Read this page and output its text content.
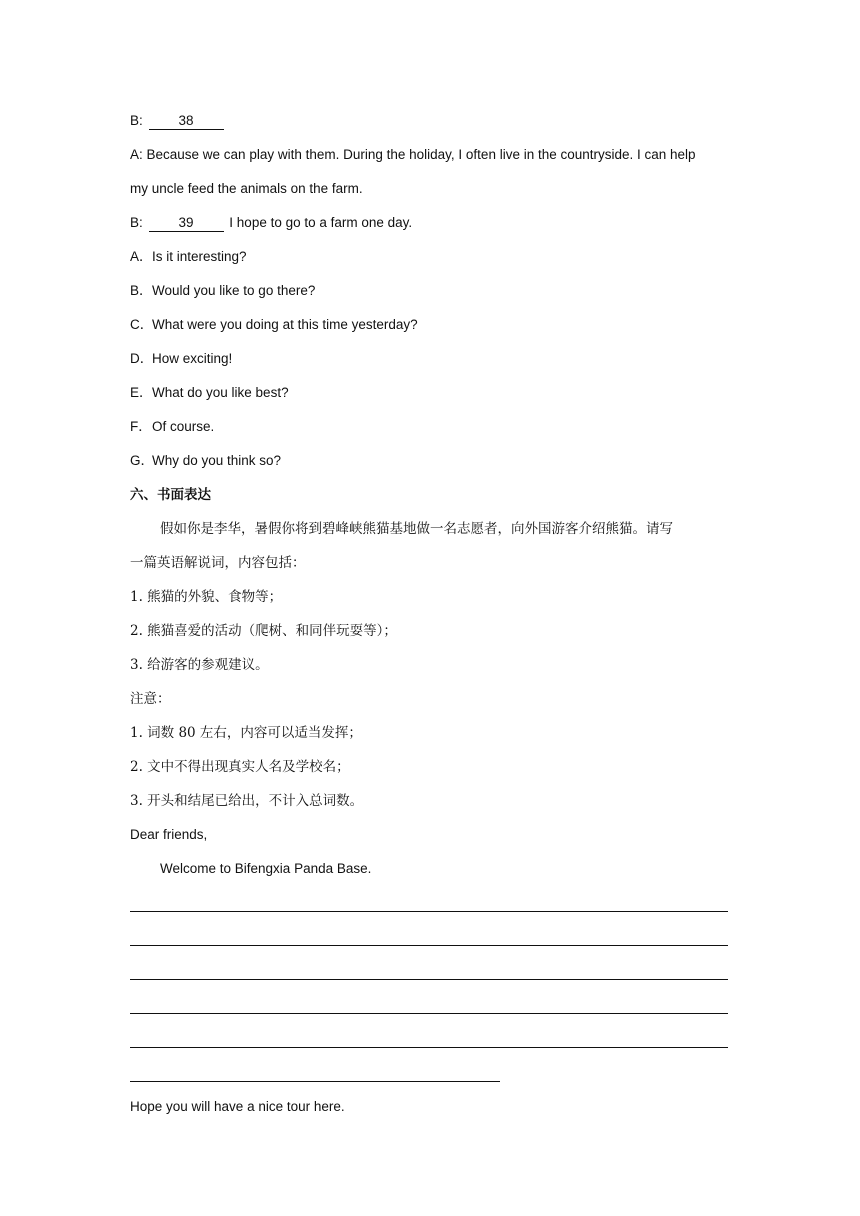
B:	38
A: Because we can play with them. During the holiday, I often live in the countryside. I can help
my uncle feed the animals on the farm.
B:	39	I hope to go to a farm one day.
A．Is it interesting?
B．Would you like to go there?
C．What were you doing at this time yesterday?
D．How exciting!
E．What do you like best?
F．Of course.
G．Why do you think so?
六、书面表达
假如你是李华，暑假你将到碧峰峡熊猫基地做一名志愿者，向外国游客介绍熊猫。请写
一篇英语解说词，内容包括：
1. 熊猫的外貌、食物等；
2. 熊猫喜爱的活动（爬树、和同伴玩耍等）；
3. 给游客的参观建议。
注意：
1. 词数 80 左右，内容可以适当发挥；
2. 文中不得出现真实人名及学校名；
3. 开头和结尾已给出，不计入总词数。
Dear friends,
Welcome to Bifengxia Panda Base.
Hope you will have a nice tour here.
